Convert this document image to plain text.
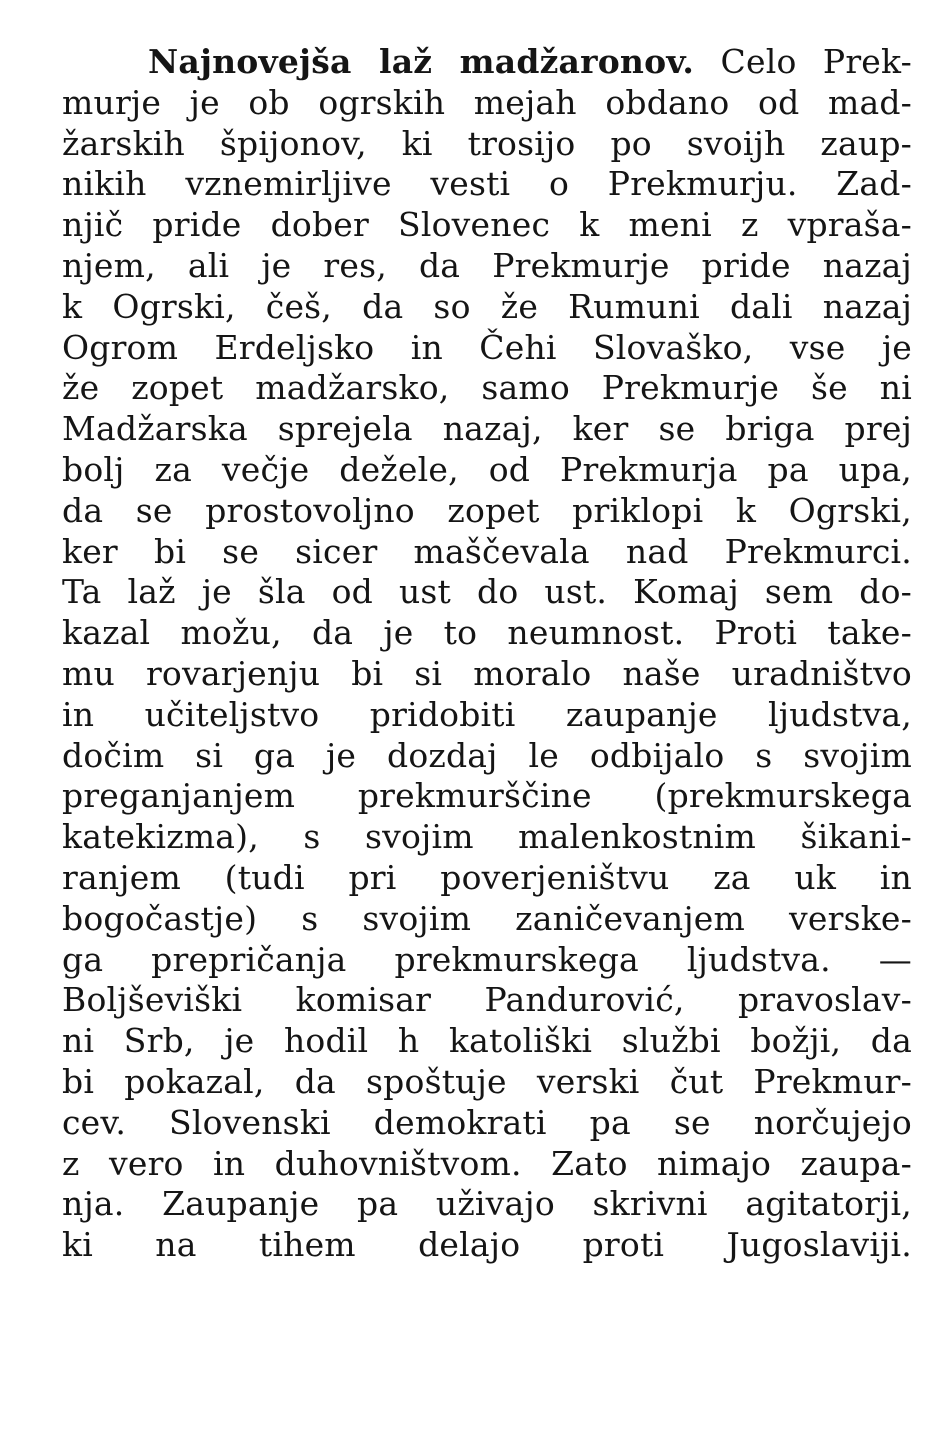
Najnovejša laž madžaronov. Celo Prek-
murje je ob ogrskih mejah obdano od mad-
žarskih špijonov, ki trosijo po svoijh zaup-
nikih vznemirljive vesti o Prekmurju. Zad-
njič pride dober Slovenec k meni z vpraša-
njem, ali je res, da Prekmurje pride nazaj
k Ogrski, češ, da so že Rumuni dali nazaj
Ogrom Erdeljsko in Čehi Slovaško, vse je
že zopet madžarsko, samo Prekmurje še ni
Madžarska sprejela nazaj, ker se briga prej
bolj za večje dežele, od Prekmurja pa upa,
da se prostovoljno zopet priklopi k Ogrski,
ker bi se sicer maščevala nad Prekmurci.
Ta laž je šla od ust do ust. Komaj sem do-
kazal možu, da je to neumnost. Proti take-
mu rovarjenju bi si moralo naše uradništvo
in učiteljstvo pridobiti zaupanje ljudstva,
dočim si ga je dozdaj le odbijalo s svojim
preganjanjem prekmurščine (prekmurskega
katekizma), s svojim malenkostnim šikani-
ranjem (tudi pri poverjeništvu za uk in
bogočastje) s svojim zaničevanjem verske-
ga prepričanja prekmurskega ljudstva. —
Boljševiški komisar Pandurović, pravoslav-
ni Srb, je hodil h katoliški službi božji, da
bi pokazal, da spoštuje verski čut Prekmur-
cev. Slovenski demokrati pa se norčujejo
z vero in duhovništvom. Zato nimajo zaupa-
nja. Zaupanje pa uživajo skrivni agitatorji,
ki na tihem delajo proti Jugoslaviji.
